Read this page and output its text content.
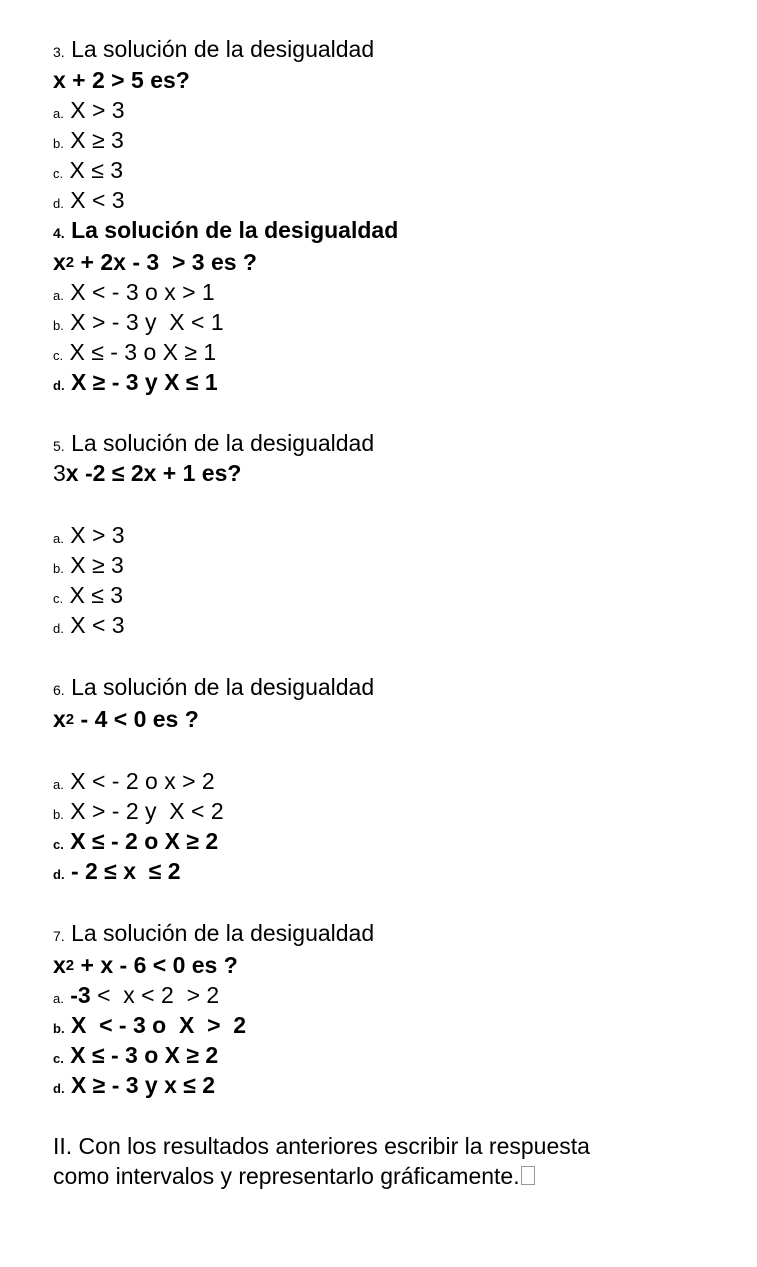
3. La solución de la desigualdad
x + 2 > 5 es?
a. X > 3
b. X ≥ 3
c. X ≤ 3
d. X < 3
4. La solución de la desigualdad
$x^2 + 2x - 3 > 3$ es ?
a. X < - 3 o x > 1
b. X > - 3 y  X < 1
c. X ≤ - 3 o X ≥ 1
d. X ≥ - 3 y X ≤ 1
5. La solución de la desigualdad
3x -2 ≤ 2x + 1 es?
a. X > 3
b. X ≥ 3
c. X ≤ 3
d. X < 3
6. La solución de la desigualdad
$x^2 - 4 < 0$ es ?
a. X < - 2 o x > 2
b. X > - 2 y  X < 2
c. X ≤ - 2 o X ≥ 2
d. - 2 ≤ x  ≤ 2
7. La solución de la desigualdad
$x^2 + x - 6 < 0$ es ?
a. -3 <  x < 2  > 2
b. X  < - 3 o  X  >  2
c. X ≤ - 3 o X ≥ 2
d. X ≥ - 3 y x ≤ 2
II. Con los resultados anteriores escribir la respuesta
como intervalos y representarlo gráficamente.
